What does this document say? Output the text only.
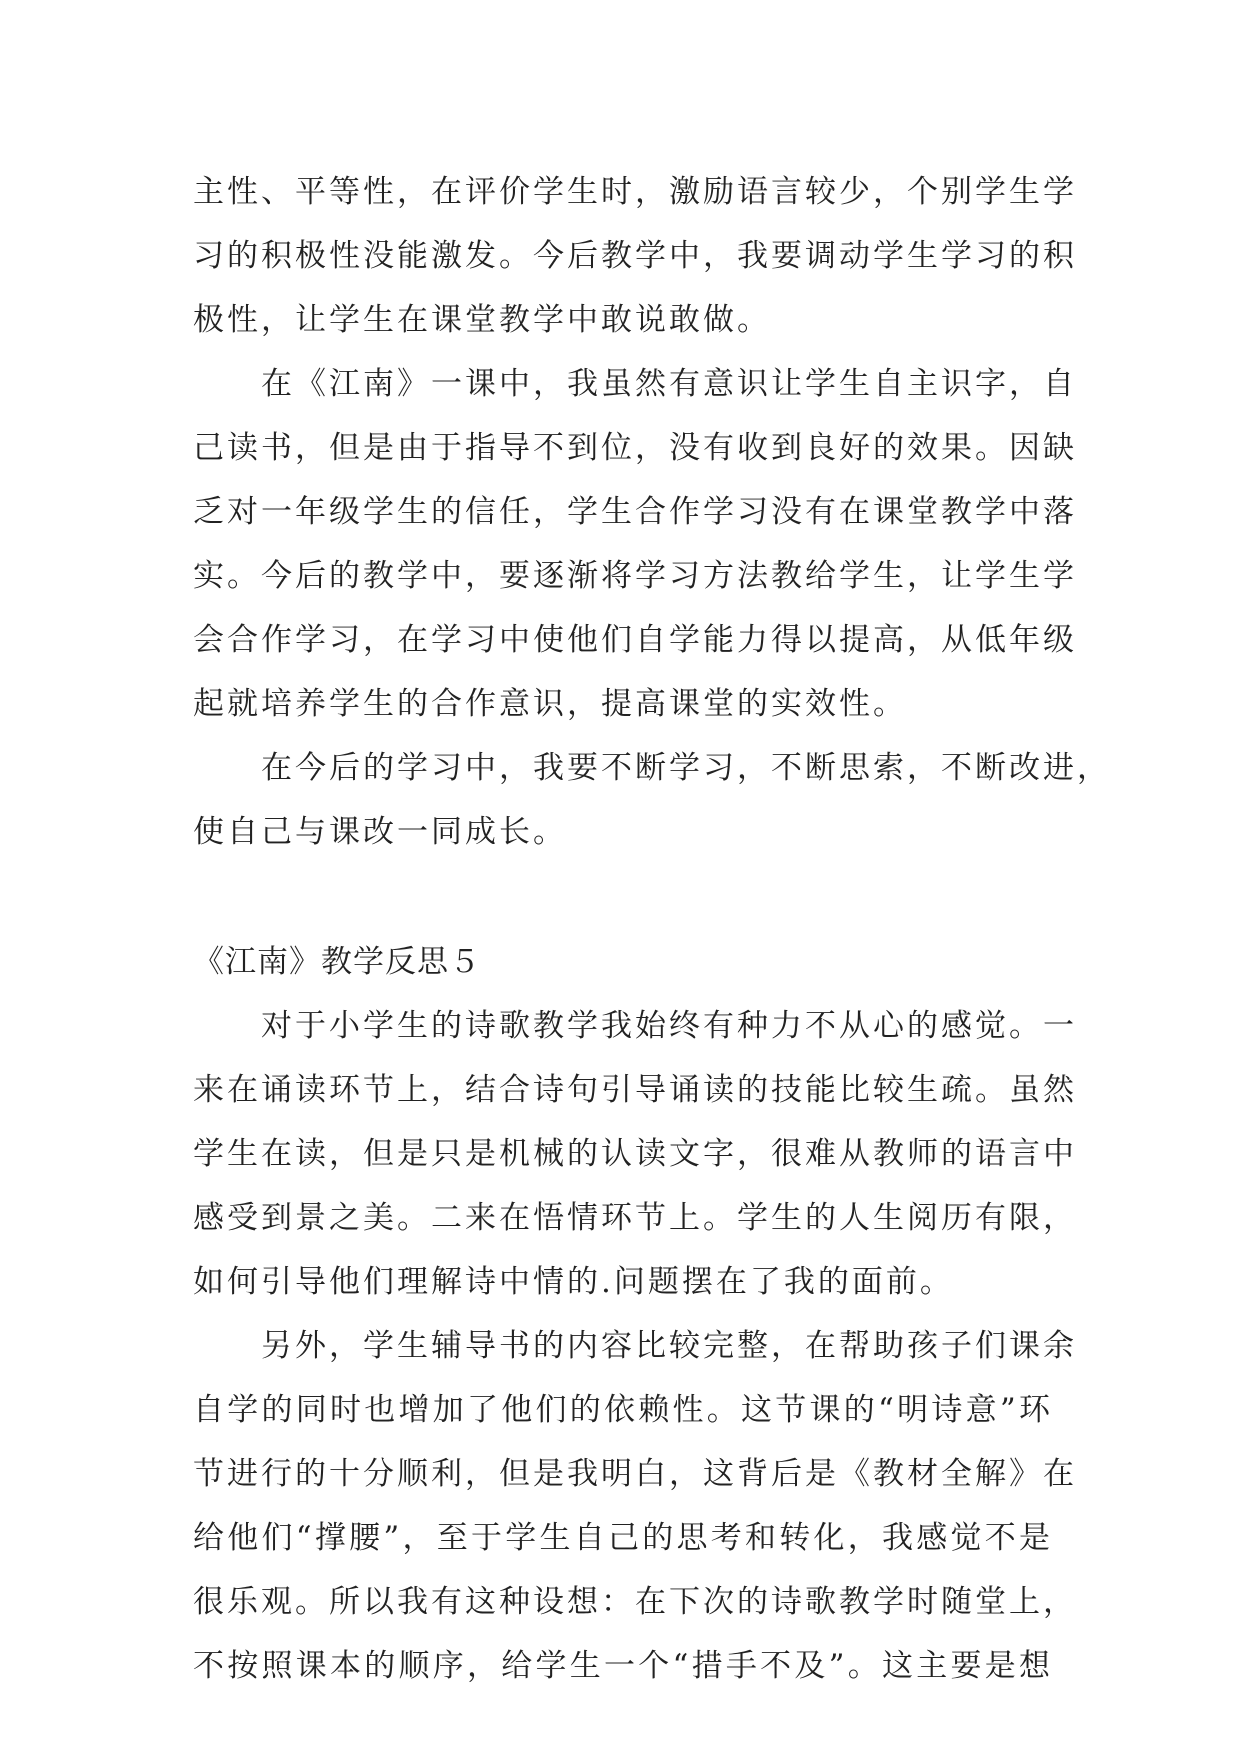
主性、平等性，在评价学生时，激励语言较少，个别学生学
习的积极性没能激发。今后教学中，我要调动学生学习的积
极性，让学生在课堂教学中敢说敢做。
在《江南》一课中，我虽然有意识让学生自主识字，自
己读书，但是由于指导不到位，没有收到良好的效果。因缺
乏对一年级学生的信任，学生合作学习没有在课堂教学中落
实。今后的教学中，要逐渐将学习方法教给学生，让学生学
会合作学习，在学习中使他们自学能力得以提高，从低年级
起就培养学生的合作意识，提高课堂的实效性。
在今后的学习中，我要不断学习，不断思索，不断改进，
使自己与课改一同成长。
《江南》教学反思５
对于小学生的诗歌教学我始终有种力不从心的感觉。一
来在诵读环节上，结合诗句引导诵读的技能比较生疏。虽然
学生在读，但是只是机械的认读文字，很难从教师的语言中
感受到景之美。二来在悟情环节上。学生的人生阅历有限，
如何引导他们理解诗中情的.问题摆在了我的面前。
另外，学生辅导书的内容比较完整，在帮助孩子们课余
自学的同时也增加了他们的依赖性。这节课的“明诗意”环
节进行的十分顺利，但是我明白，这背后是《教材全解》在
给他们“撑腰”，至于学生自己的思考和转化，我感觉不是
很乐观。所以我有这种设想：在下次的诗歌教学时随堂上，
不按照课本的顺序，给学生一个“措手不及”。这主要是想
